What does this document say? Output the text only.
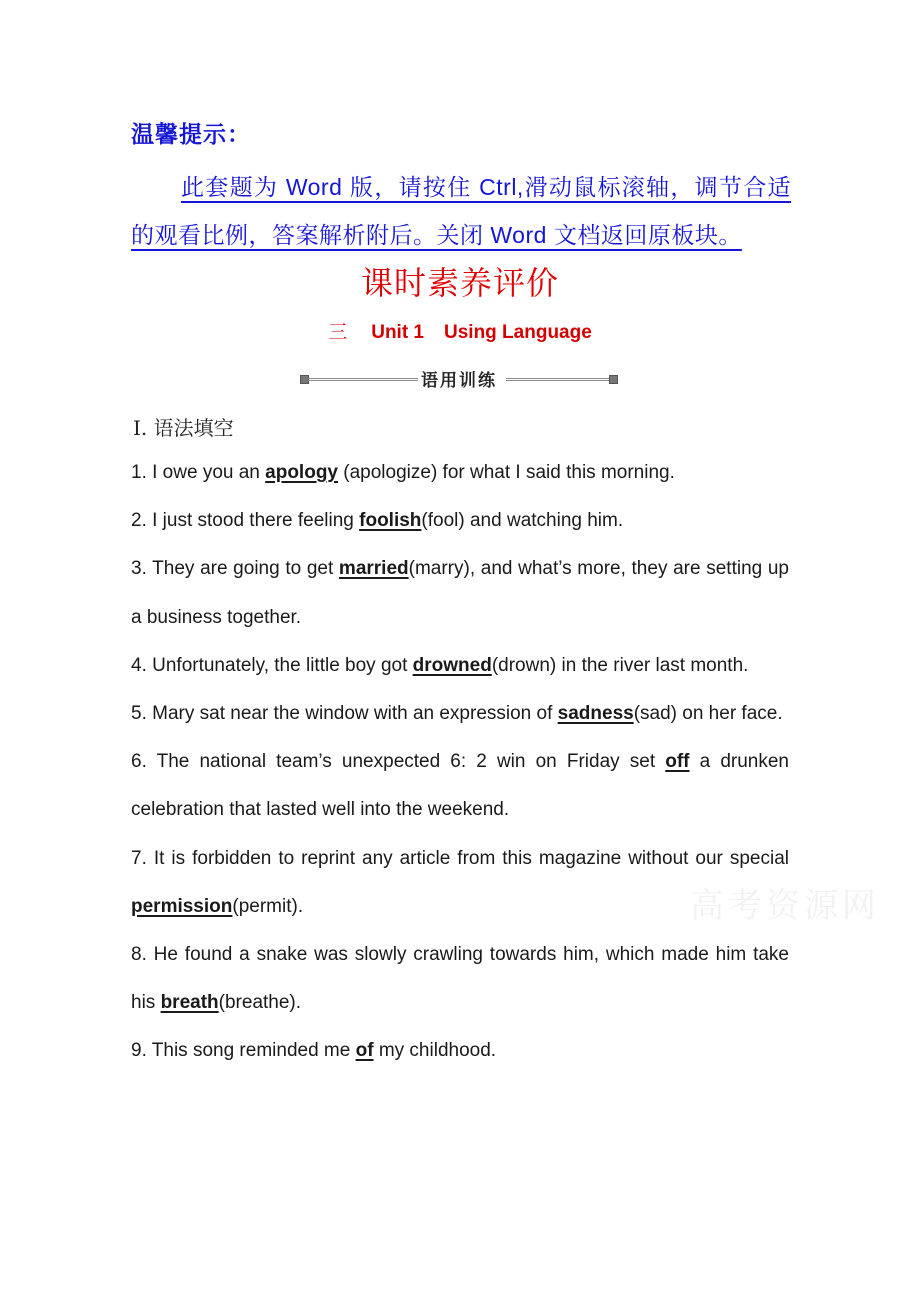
温馨提示：
此套题为 Word 版，请按住 Ctrl,滑动鼠标滚轴，调节合适的观看比例，答案解析附后。关闭 Word 文档返回原板块。
课时素养评价
三 Unit 1 Using Language
语用训练
Ⅰ. 语法填空

1. I owe you an apology (apologize) for what I said this morning.

2. I just stood there feeling foolish(fool) and watching him.

3. They are going to get married(marry), and what’s more, they are setting up a business together.

4. Unfortunately, the little boy got drowned(drown) in the river last month.

5. Mary sat near the window with an expression of sadness(sad) on her face.

6. The national team’s unexpected 6: 2 win on Friday set off a drunken celebration that lasted well into the weekend.

7. It is forbidden to reprint any article from this magazine without our special permission(permit).

8. He found a snake was slowly crawling towards him, which made him take his breath(breathe).

9. This song reminded me of my childhood.

高考资源网
